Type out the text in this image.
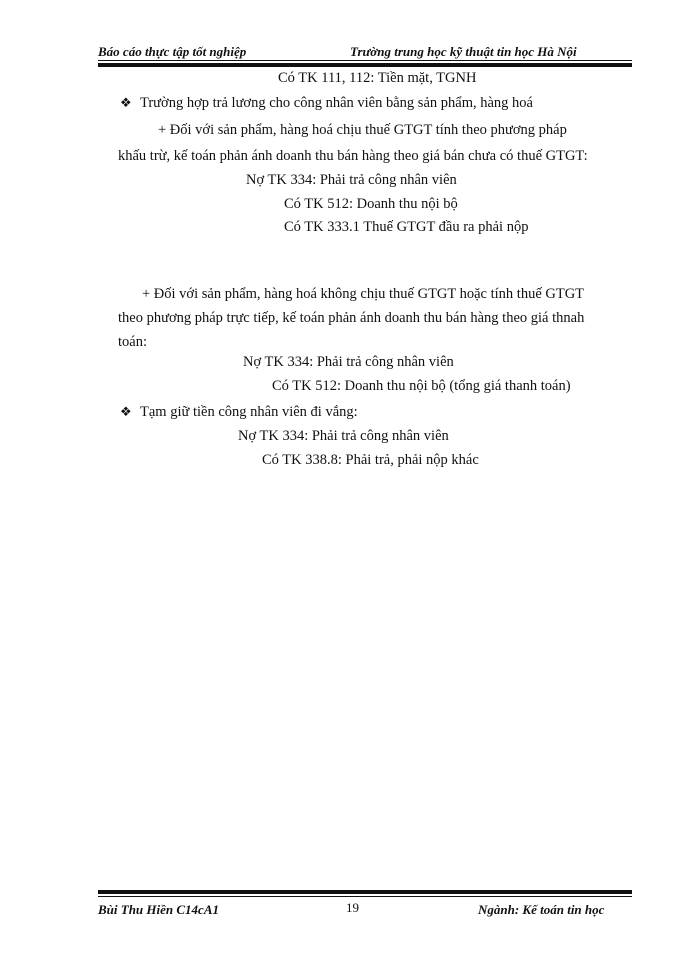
Báo cáo thực tập tốt nghiệp	Trường trung học kỹ thuật tin học Hà Nội
Có TK 111, 112: Tiền mặt, TGNH
❖ Trường hợp trả lương cho công nhân viên bằng sản phẩm, hàng hoá
+ Đối với sản phẩm, hàng hoá chịu thuế GTGT tính theo phương pháp
khấu trừ, kế toán phản ánh doanh thu bán hàng theo giá bán chưa có thuế GTGT:
Nợ TK 334: Phải trả công nhân viên
Có TK 512: Doanh thu nội bộ
Có TK 333.1 Thuế GTGT đầu ra phải nộp
+ Đối với sản phẩm, hàng hoá không chịu thuế GTGT hoặc tính thuế GTGT
theo phương pháp trực tiếp, kế toán phản ánh doanh thu bán hàng theo giá thnah
toán:
Nợ TK 334: Phải trả công nhân viên
Có TK 512: Doanh thu nội bộ (tổng giá thanh toán)
❖ Tạm giữ tiền công nhân viên đi vắng:
Nợ TK 334: Phải trả công nhân viên
Có TK 338.8: Phải trả, phải nộp khác
Bùi Thu Hiền C14cA1	19	Ngành: Kế toán tin học
